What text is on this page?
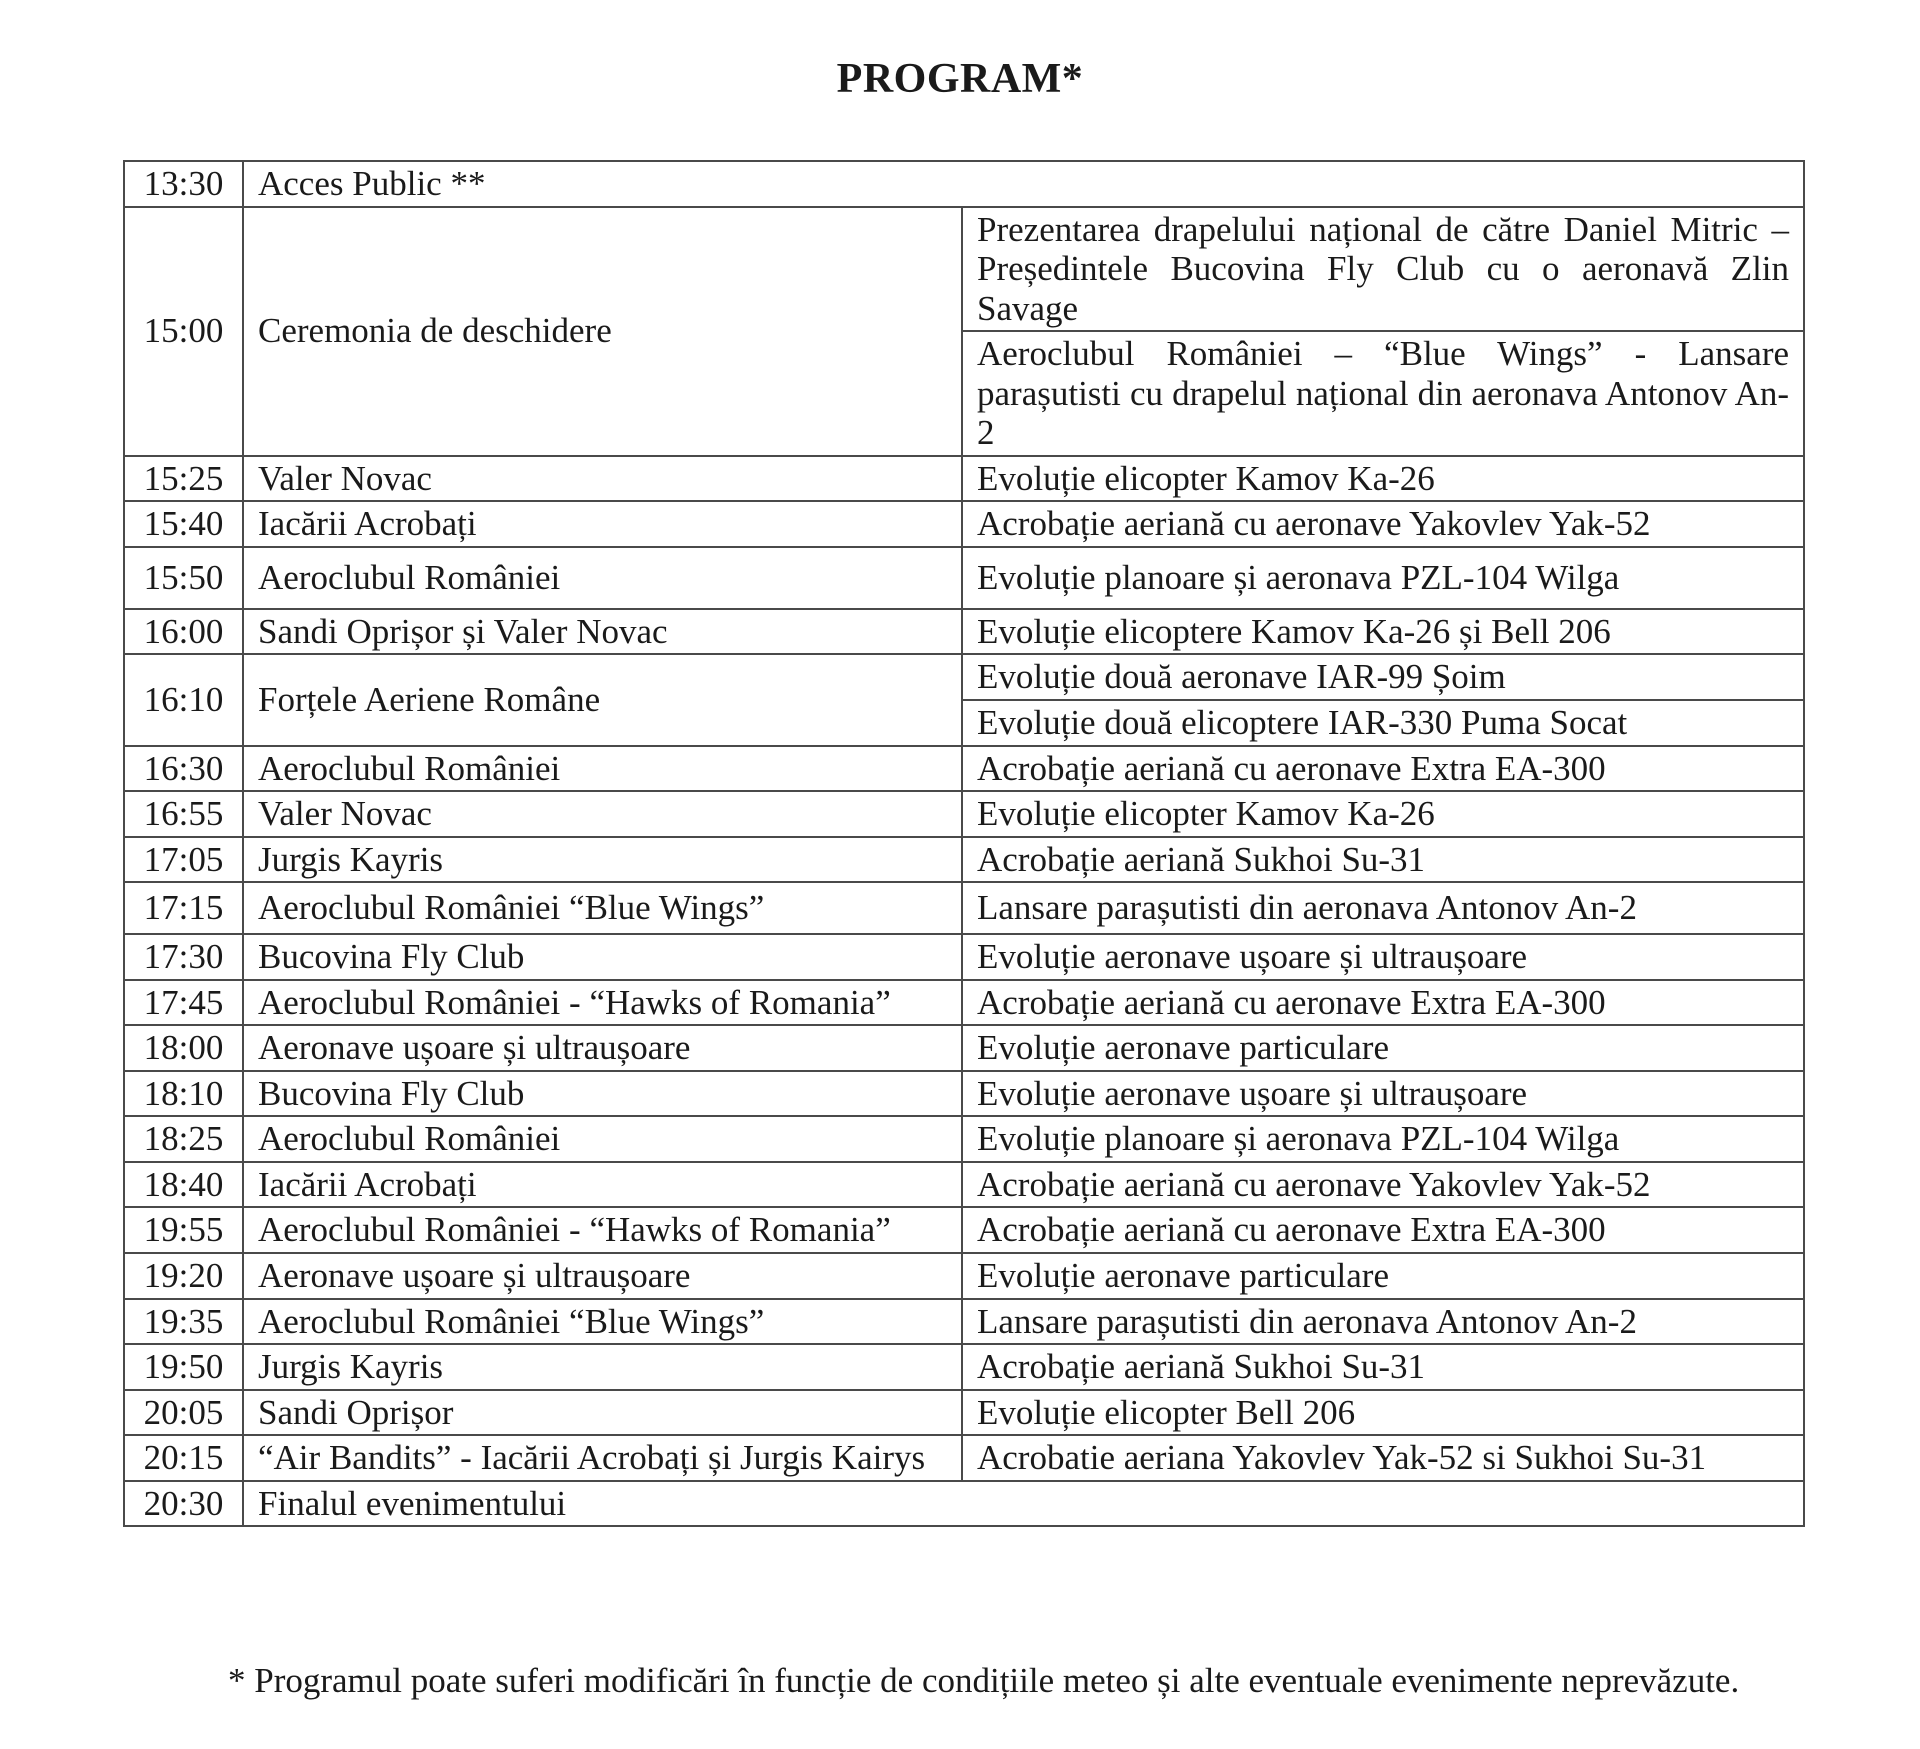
PROGRAM*
13:30	Acces Public **	
15:00	Ceremonia de deschidere	Prezentarea drapelului național de către Daniel Mitric – Președintele Bucovina Fly Club cu o aeronavă Zlin Savage
		Aeroclubul României – “Blue Wings” - Lansare parașutisti cu drapelul național din aeronava Antonov An-2
15:25	Valer Novac	Evoluție elicopter Kamov Ka-26
15:40	Iacării Acrobați	Acrobație aeriană cu aeronave Yakovlev Yak-52
15:50	Aeroclubul României	Evoluție planoare și aeronava PZL-104 Wilga
16:00	Sandi Oprișor și Valer Novac	Evoluție elicoptere Kamov Ka-26 și Bell 206
16:10	Forțele Aeriene Române	Evoluție două aeronave IAR-99 Șoim
		Evoluție două elicoptere IAR-330 Puma Socat
16:30	Aeroclubul României	Acrobație aeriană cu aeronave Extra EA-300
16:55	Valer Novac	Evoluție elicopter Kamov Ka-26
17:05	Jurgis Kayris	Acrobație aeriană Sukhoi Su-31
17:15	Aeroclubul României “Blue Wings”	Lansare parașutisti din aeronava Antonov An-2
17:30	Bucovina Fly Club	Evoluție aeronave ușoare și ultraușoare
17:45	Aeroclubul României - “Hawks of Romania”	Acrobație aeriană cu aeronave Extra EA-300
18:00	Aeronave ușoare și ultraușoare	Evoluție aeronave particulare
18:10	Bucovina Fly Club	Evoluție aeronave ușoare și ultraușoare
18:25	Aeroclubul României	Evoluție planoare și aeronava PZL-104 Wilga
18:40	Iacării Acrobați	Acrobație aeriană cu aeronave Yakovlev Yak-52
19:55	Aeroclubul României - “Hawks of Romania”	Acrobație aeriană cu aeronave Extra EA-300
19:20	Aeronave ușoare și ultraușoare	Evoluție aeronave particulare
19:35	Aeroclubul României “Blue Wings”	Lansare parașutisti din aeronava Antonov An-2
19:50	Jurgis Kayris	Acrobație aeriană Sukhoi Su-31
20:05	Sandi Oprișor	Evoluție elicopter Bell 206
20:15	“Air Bandits” - Iacării Acrobați și Jurgis Kairys	Acrobatie aeriana Yakovlev Yak-52 si Sukhoi Su-31
20:30	Finalul evenimentului	
* Programul poate suferi modificări în funcție de condițiile meteo și alte eventuale evenimente neprevăzute.
